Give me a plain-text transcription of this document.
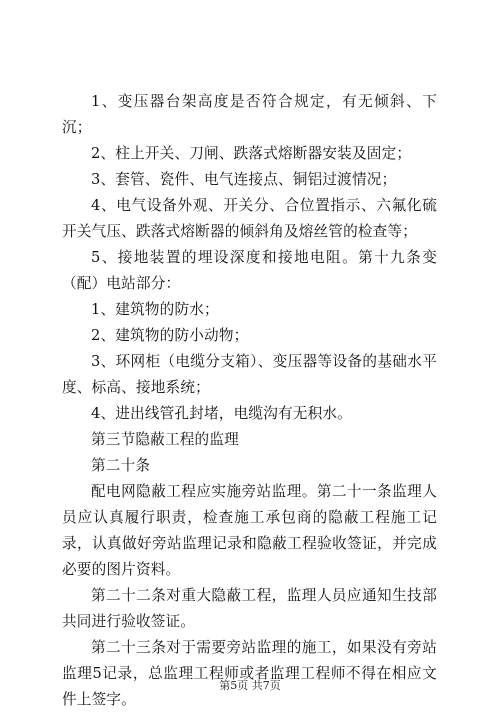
1、变压器台架高度是否符合规定，有无倾斜、下沉；

2、柱上开关、刀闸、跌落式熔断器安装及固定；

3、套管、瓷件、电气连接点、铜铝过渡情况；

4、电气设备外观、开关分、合位置指示、六氟化硫开关气压、跌落式熔断器的倾斜角及熔丝管的检查等；

5、接地装置的埋设深度和接地电阻。第十九条变（配）电站部分：

1、建筑物的防水；

2、建筑物的防小动物；

3、环网柜（电缆分支箱）、变压器等设备的基础水平度、标高、接地系统；

4、进出线管孔封堵，电缆沟有无积水。

第三节隐蔽工程的监理

第二十条

配电网隐蔽工程应实施旁站监理。第二十一条监理人员应认真履行职责，检查施工承包商的隐蔽工程施工记录，认真做好旁站监理记录和隐蔽工程验收签证，并完成必要的图片资料。

第二十二条对重大隐蔽工程，监理人员应通知生技部共同进行验收签证。

第二十三条对于需要旁站监理的施工，如果没有旁站监理5记录，总监理工程师或者监理工程师不得在相应文件上签字。

第5页 共7页
